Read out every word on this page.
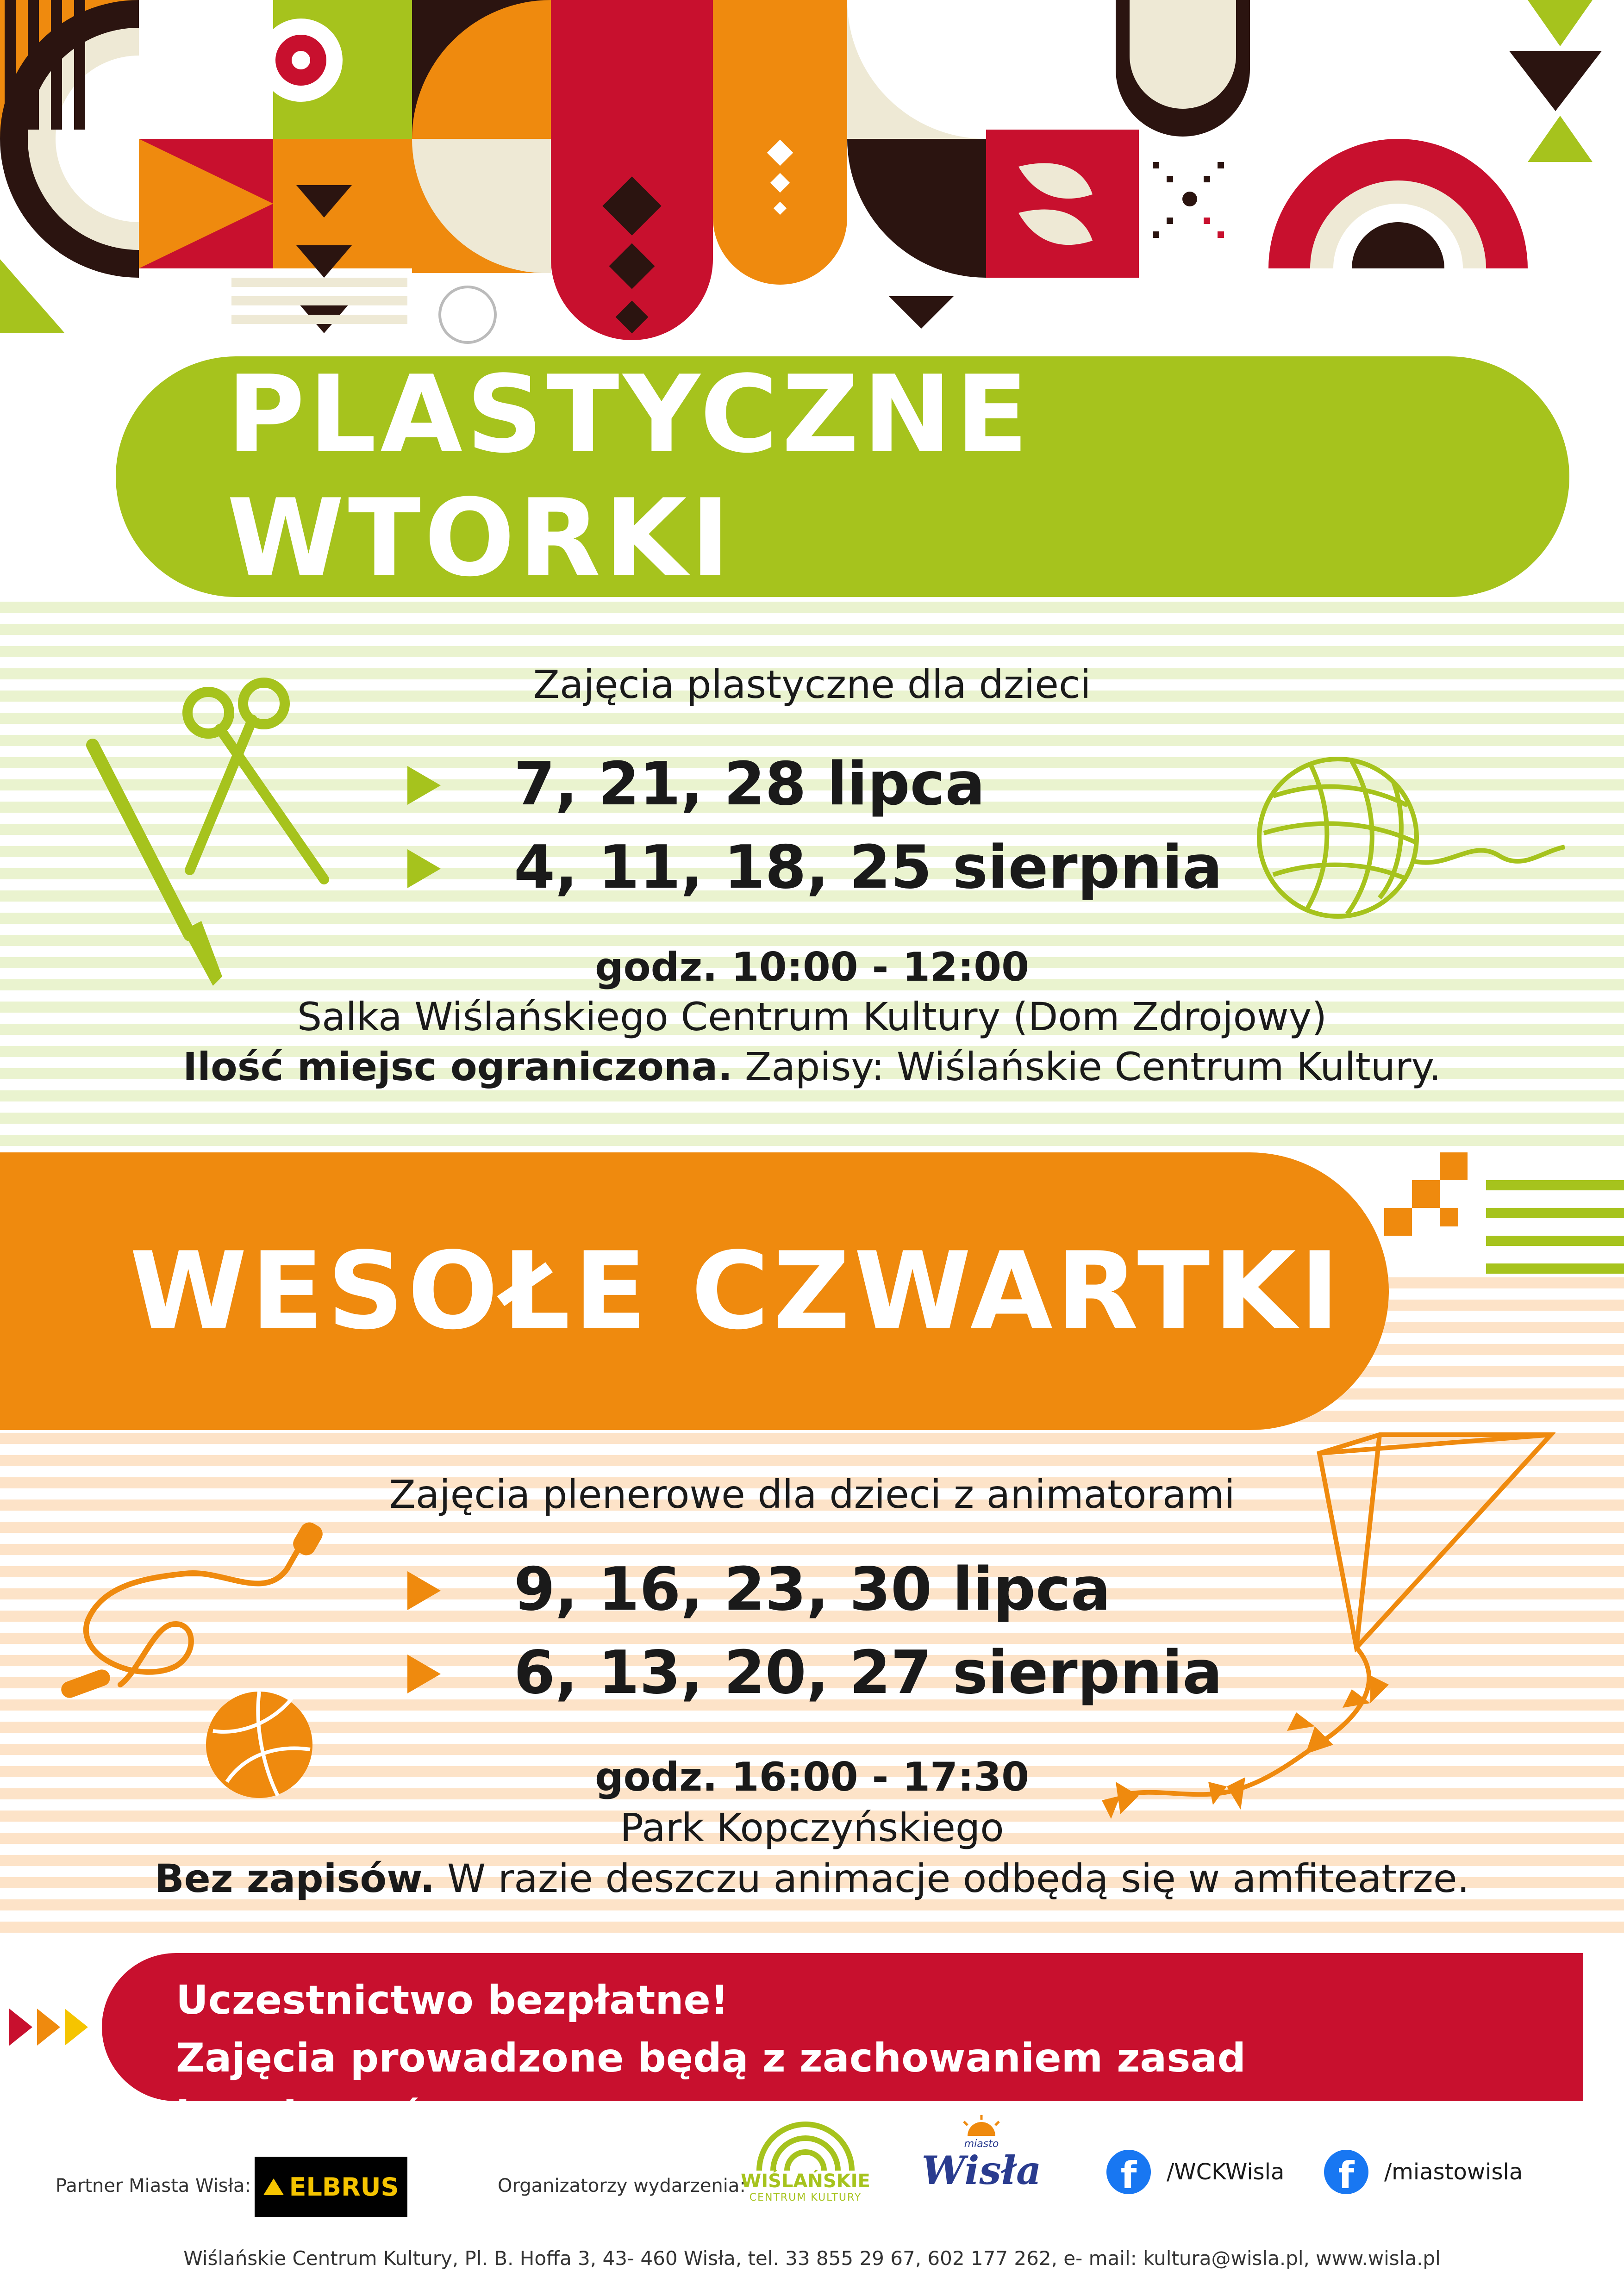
PLASTYCZNE WTORKI
Zajęcia plastyczne dla dzieci
7, 21, 28 lipca
4, 11, 18, 25 sierpnia
godz. 10:00 - 12:00
Salka Wiślańskiego Centrum Kultury (Dom Zdrojowy)
Ilość miejsc ograniczona. Zapisy: Wiślańskie Centrum Kultury.
WESOŁE CZWARTKI
Zajęcia plenerowe dla dzieci z animatorami
9, 16, 23, 30 lipca
6, 13, 20, 27 sierpnia
godz. 16:00 - 17:30
Park Kopczyńskiego
Bez zapisów. W razie deszczu animacje odbędą się w amfiteatrze.
Uczestnictwo bezpłatne!
Zajęcia prowadzone będą z zachowaniem zasad bezpieczeństwa.
Partner Miasta Wisła: ELBRUS	Organizatorzy wydarzenia:
WIŚLAŃSKIE
CENTRUM KULTURY
miasto
Wisła	f	/WCKWisla	f	/miastowisla
Wiślańskie Centrum Kultury, Pl. B. Hoffa 3, 43- 460 Wisła, tel. 33 855 29 67, 602 177 262, e- mail: kultura@wisla.pl, www.wisla.pl
